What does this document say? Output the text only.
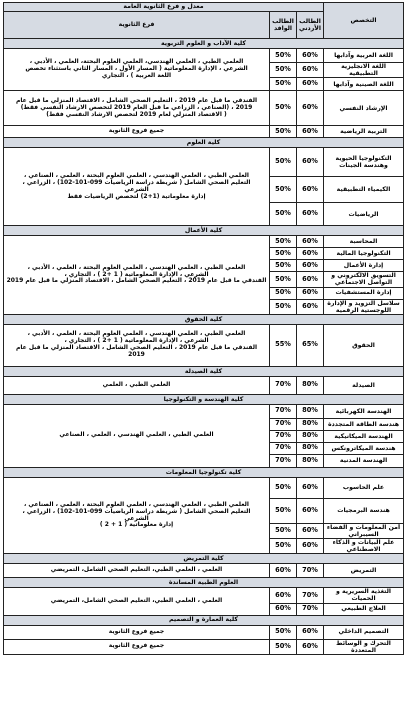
التخصص	معدل و فرع الثانوية العامة		
	الطالب الأردني	الطالب الوافد	فرع الثانوية
كلية الآداب و العلوم التربوية			
اللغة العربية وآدابها	60%	50%	العلمي الطبي ، العلمي الهندسي، العلمي العلوم البحتة، العلمي ، الأدبي ،
الشرعي ، الإدارة المعلوماتية ( المسار الأول ، المسار الثاني باستثناء تخصص
اللغة العربية ) ، التجاري

اللغة الانجليزية التطبيقية	60%	50%	
اللغة الصينية وآدابها	60%	50%	
الإرشاد النفسي	60%	50%	الفندقي ما قبل عام 2019 ، التعليم الصحي الشامل ، الاقتصاد المنزلي ما قبل عام
2019 ، (الصناعي ، الزراعي ما قبل العام 2019 لتخصص الارشاد النفسي فقط)
( الاقتصاد المنزلي لعام 2019 لتخصص الارشاد النفسي فقط)

التربية الرياضية	60%	50%	جميع فروع الثانوية

كلية العلوم			
التكنولوجيا الحيوية وهندسة الجينات	60%	50%	العلمي الطبي ، العلمي الهندسي ، العلمي العلوم البحتة ، العلمي ، الصناعي ،
التعليم الصحي الشامل ( شريطة دراسة الرياضيات 099-101-102) ، الزراعي ،
الشرعي
إدارة معلوماتية (1+2) لتخصص الرياضيات فقط

الكيمياء التطبيقية	60%	50%	
الرياضيات	60%	50%	
كلية الأعمال			
المحاسبة	60%	50%	العلمي الطبي ، العلمي الهندسي ، العلمي العلوم البحتة ، العلمي ، الأدبي ،
الشرعي ، الإدارة المعلوماتية ( 1 +2 ) ، التجاري ،
الفندقي ما قبل عام 2019 ، التعليم الصحي الشامل ، الاقتصاد المنزلي ما قبل عام 2019

التكنولوجيا المالية	60%	50%	
إدارة الأعمال	60%	50%	
التسويق الالكتروني و التواصل الاجتماعي	60%	50%	
إدارة المستشفيات	60%	50%	
سلاسل التزويد و الإدارة اللوجستية الرقمية	60%	50%	
كلية الحقوق			
الحقوق	65%	55%	العلمي الطبي ، العلمي الهندسي ، العلمي العلوم البحتة ، العلمي ، الأدبي ،
الشرعي ، الإدارة المعلوماتية ( 1 +2 ) ، التجاري ،
الفندقي ما قبل عام 2019 ، التعليم الصحي الشامل ، الاقتصاد المنزلي ما قبل عام
2019

كلية الصيدلة			
الصيدلة	80%	70%	العلمي الطبي ، العلمي

كلية الهندسة و التكنولوجيا			
الهندسة الكهربائية	80%	70%	العلمي الطبي ، العلمي الهندسي ، العلمي ، الصناعي

هندسة الطاقة المتجددة	80%	70%	
الهندسة الميكانيكية	80%	70%	
هندسة الميكاترونكس	80%	70%	
الهندسة المدنية	80%	70%	
كلية تكنولوجيا المعلومات			
علم الحاسوب	60%	50%	العلمي الطبي ، العلمي الهندسي ، العلمي العلوم البحتة ، العلمي ، الصناعي ،
التعليم الصحي الشامل ( شريطة دراسة الرياضيات 099-101-102) ، الزراعي ،
الشرعي
إدارة معلوماتية ( 1 + 2 )

هندسة البرمجيات	60%	50%	
أمن المعلومات و الفضاء السيبراني	60%	50%	
علم البيانات و الذكاء الاصطناعي	60%	50%	
كلية التمريض			
التمريض	70%	60%	العلمي ، العلمي الطبي، التعليم الصحي الشامل، التمريضي

العلوم الطبية المساندة			
التغذية السريرية و الحميات	70%	60%	العلمي ، العلمي الطبي، التعليم الصحي الشامل، التمريضي

العلاج الطبيعي	70%	60%	
كلية العمارة و التصميم			
التصميم الداخلي	60%	50%	جميع فروع الثانوية

التحرك و الوسائط المتعددة	60%	50%	جميع فروع الثانوية
